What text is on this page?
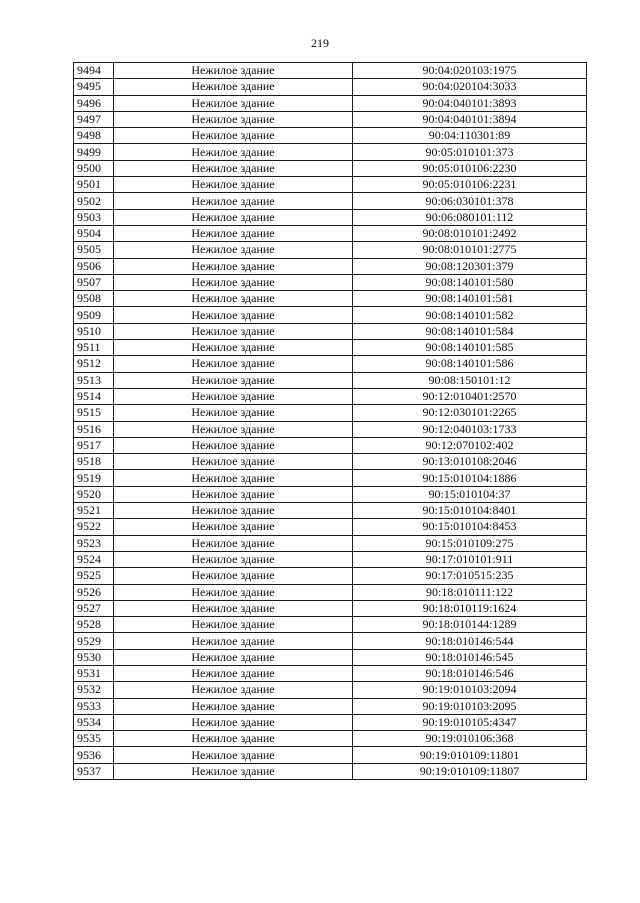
219
9494	Нежилое здание	90:04:020103:1975
9495	Нежилое здание	90:04:020104:3033
9496	Нежилое здание	90:04:040101:3893
9497	Нежилое здание	90:04:040101:3894
9498	Нежилое здание	90:04:110301:89
9499	Нежилое здание	90:05:010101:373
9500	Нежилое здание	90:05:010106:2230
9501	Нежилое здание	90:05:010106:2231
9502	Нежилое здание	90:06:030101:378
9503	Нежилое здание	90:06:080101:112
9504	Нежилое здание	90:08:010101:2492
9505	Нежилое здание	90:08:010101:2775
9506	Нежилое здание	90:08:120301:379
9507	Нежилое здание	90:08:140101:580
9508	Нежилое здание	90:08:140101:581
9509	Нежилое здание	90:08:140101:582
9510	Нежилое здание	90:08:140101:584
9511	Нежилое здание	90:08:140101:585
9512	Нежилое здание	90:08:140101:586
9513	Нежилое здание	90:08:150101:12
9514	Нежилое здание	90:12:010401:2570
9515	Нежилое здание	90:12:030101:2265
9516	Нежилое здание	90:12:040103:1733
9517	Нежилое здание	90:12:070102:402
9518	Нежилое здание	90:13:010108:2046
9519	Нежилое здание	90:15:010104:1886
9520	Нежилое здание	90:15:010104:37
9521	Нежилое здание	90:15:010104:8401
9522	Нежилое здание	90:15:010104:8453
9523	Нежилое здание	90:15:010109:275
9524	Нежилое здание	90:17:010101:911
9525	Нежилое здание	90:17:010515:235
9526	Нежилое здание	90:18:010111:122
9527	Нежилое здание	90:18:010119:1624
9528	Нежилое здание	90:18:010144:1289
9529	Нежилое здание	90:18:010146:544
9530	Нежилое здание	90:18:010146:545
9531	Нежилое здание	90:18:010146:546
9532	Нежилое здание	90:19:010103:2094
9533	Нежилое здание	90:19:010103:2095
9534	Нежилое здание	90:19:010105:4347
9535	Нежилое здание	90:19:010106:368
9536	Нежилое здание	90:19:010109:11801
9537	Нежилое здание	90:19:010109:11807
